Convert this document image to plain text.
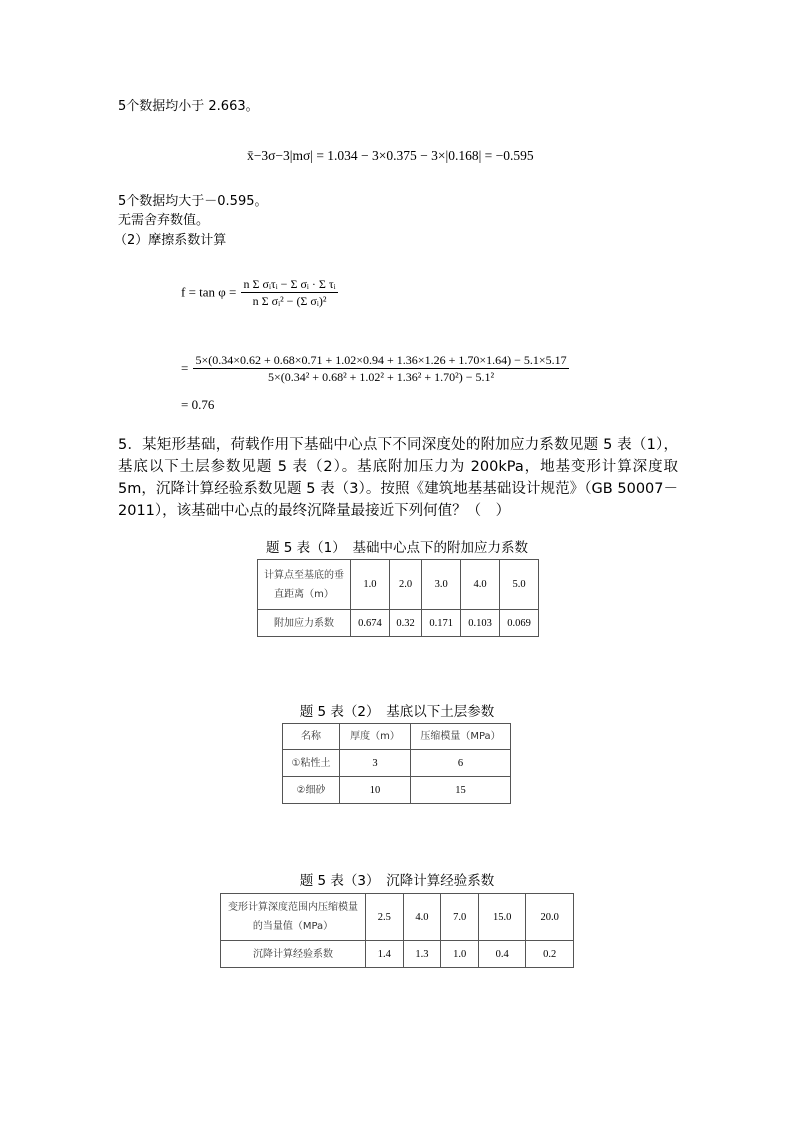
5个数据均小于 2.663。
x̄−3σ−3|mσ| = 1.034 − 3×0.375 − 3×|0.168| = −0.595
5个数据均大于－0.595。
无需舍弃数值。
（2）摩擦系数计算
$f = \tan \varphi = \frac{\text{n Σ σᵢτᵢ − Σ σᵢ · Σ τᵢ}}{\text{n Σ σᵢ² − (Σ σᵢ)²}}$
=
5×(0.34×0.62 + 0.68×0.71 + 1.02×0.94 + 1.36×1.26 + 1.70×1.64) − 5.1×5.17
5×(0.34² + 0.68² + 1.02² + 1.36² + 1.70²) − 5.1²
= 0.76
5．某矩形基础，荷载作用下基础中心点下不同深度处的附加应力系数见题 5 表（1），基底以下土层参数见题 5 表（2）。基底附加压力为 200kPa，地基变形计算深度取 5m，沉降计算经验系数见题 5 表（3）。按照《建筑地基基础设计规范》（GB 50007－2011），该基础中心点的最终沉降量最接近下列何值？（　）
题 5 表（1）　基础中心点下的附加应力系数
计算点至基底的垂直距离（m）	1.0	2.0	3.0	4.0	5.0
附加应力系数	0.674	0.32	0.171	0.103	0.069
题 5 表（2）　基底以下土层参数
名称	厚度（m）	压缩模量（MPa）
①粘性土	3	6
②细砂	10	15
题 5 表（3）　沉降计算经验系数
变形计算深度范围内压缩模量的当量值（MPa）	2.5	4.0	7.0	15.0	20.0
沉降计算经验系数	1.4	1.3	1.0	0.4	0.2
